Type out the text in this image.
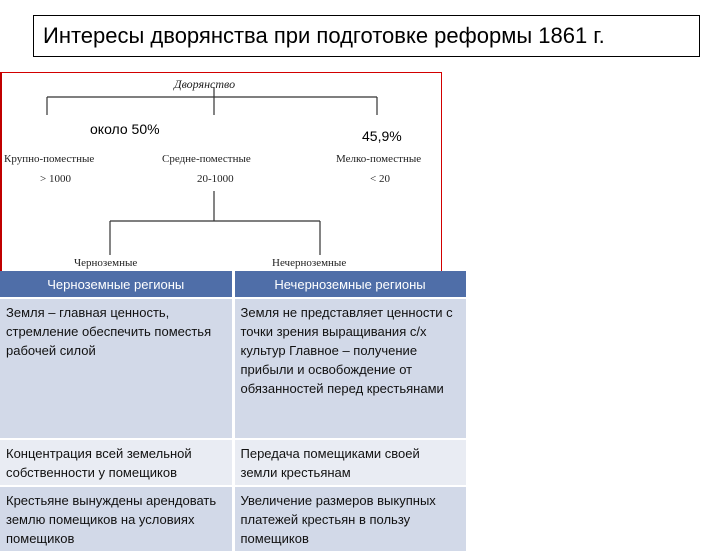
Интересы дворянства при подготовке реформы 1861 г.
Дворянство
около 50%	45,9%
Крупно-поместные
> 1000
Средне-поместные
20-1000
Мелко-поместные
< 20
Черноземные	Нечерноземные
Черноземные регионы	Нечерноземные регионы
Земля – главная ценность, стремление обеспечить поместья рабочей силой	Земля не представляет ценности с точки зрения выращивания с/х культур Главное – получение прибыли и освобождение от обязанностей перед крестьянами
Концентрация всей земельной собственности у помещиков	Передача помещиками своей земли крестьянам
Крестьяне вынуждены арендовать землю помещиков на условиях помещиков	Увеличение размеров выкупных платежей крестьян в пользу помещиков
